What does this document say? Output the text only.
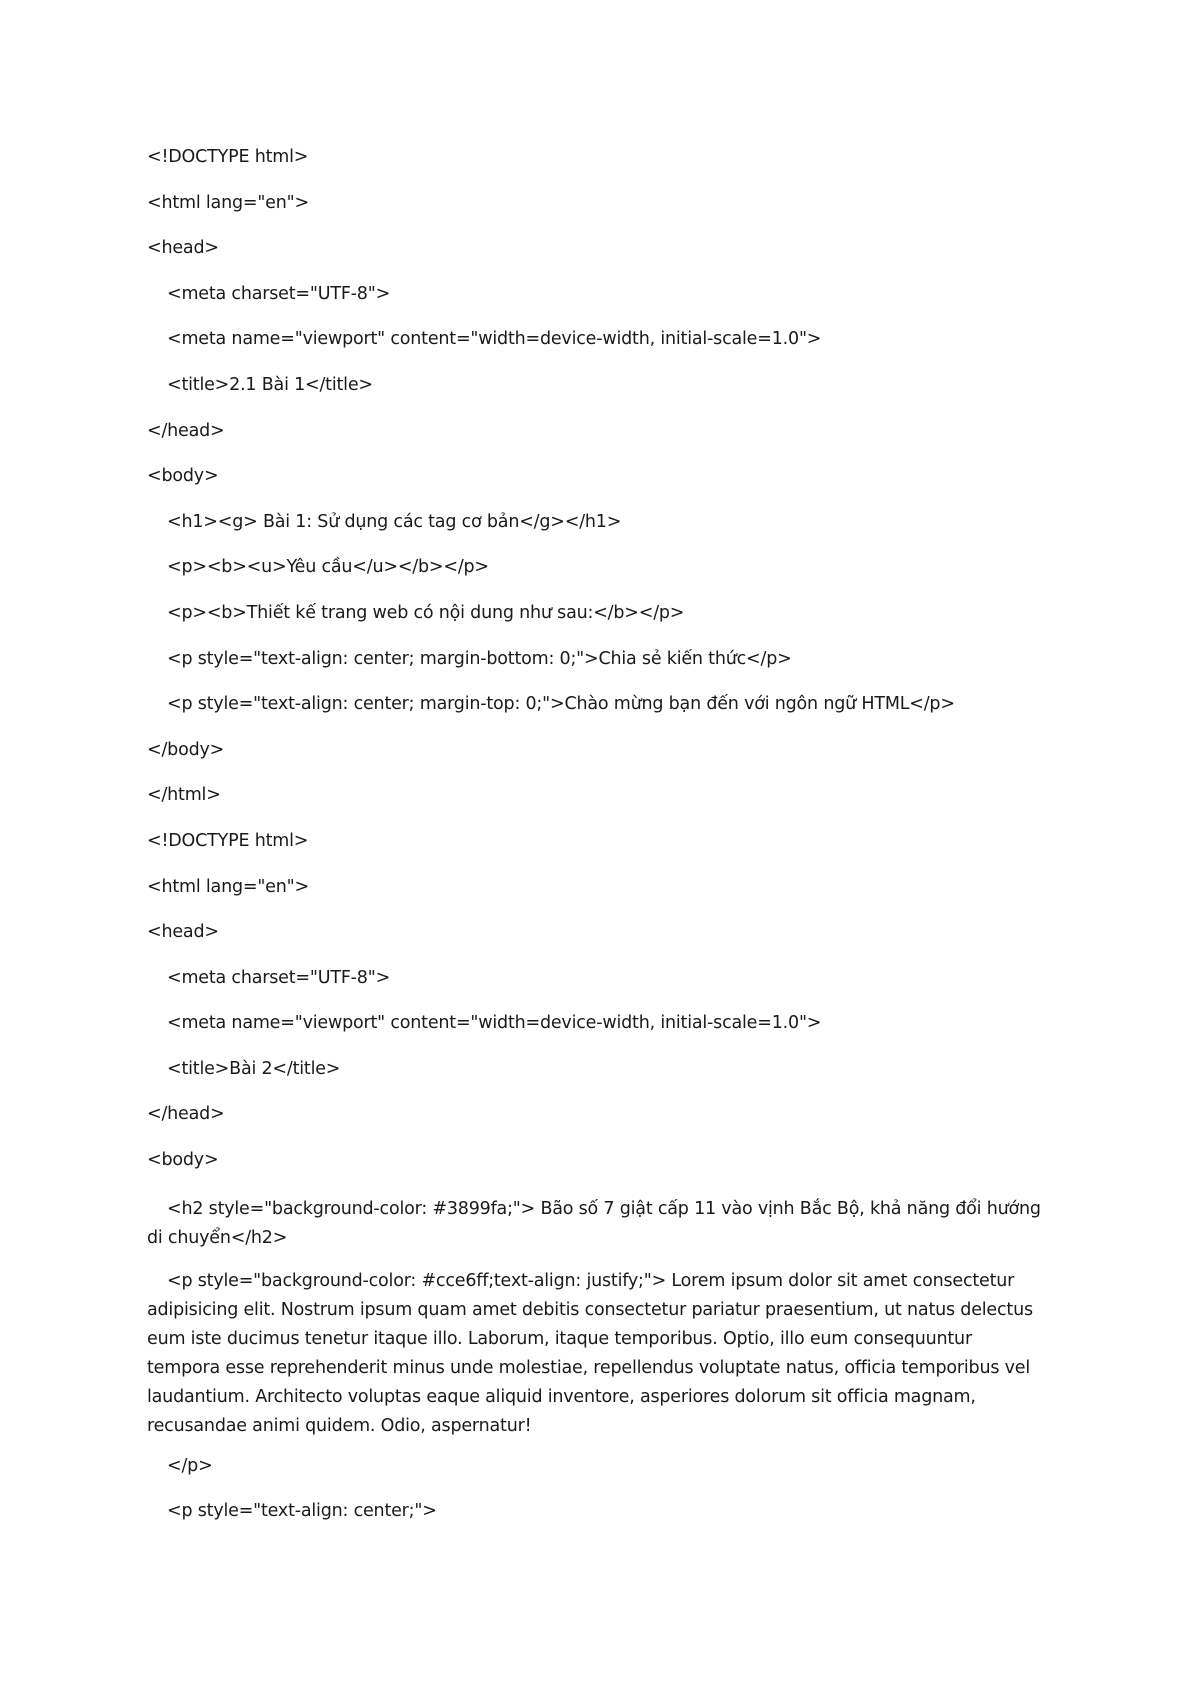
<!DOCTYPE html>
<html lang="en">
<head>
<meta charset="UTF-8">
<meta name="viewport" content="width=device-width, initial-scale=1.0">
<title>2.1 Bài 1</title>
</head>
<body>
<h1><g> Bài 1: Sử dụng các tag cơ bản</g></h1>
<p><b><u>Yêu cầu</u></b></p>
<p><b>Thiết kế trang web có nội dung như sau:</b></p>
<p style="text-align: center; margin-bottom: 0;">Chia sẻ kiến thức</p>
<p style="text-align: center; margin-top: 0;">Chào mừng bạn đến với ngôn ngữ HTML</p>
</body>
</html>
<!DOCTYPE html>
<html lang="en">
<head>
<meta charset="UTF-8">
<meta name="viewport" content="width=device-width, initial-scale=1.0">
<title>Bài 2</title>
</head>
<body>
<h2 style="background-color: #3899fa;"> Bão số 7 giật cấp 11 vào vịnh Bắc Bộ, khả năng đổi hướng di chuyển</h2>
<p style="background-color: #cce6ff;text-align: justify;"> Lorem ipsum dolor sit amet consectetur adipisicing elit. Nostrum ipsum quam amet debitis consectetur pariatur praesentium, ut natus delectus eum iste ducimus tenetur itaque illo. Laborum, itaque temporibus. Optio, illo eum consequuntur tempora esse reprehenderit minus unde molestiae, repellendus voluptate natus, officia temporibus vel laudantium. Architecto voluptas eaque aliquid inventore, asperiores dolorum sit officia magnam, recusandae animi quidem. Odio, aspernatur!
</p>
<p style="text-align: center;">
